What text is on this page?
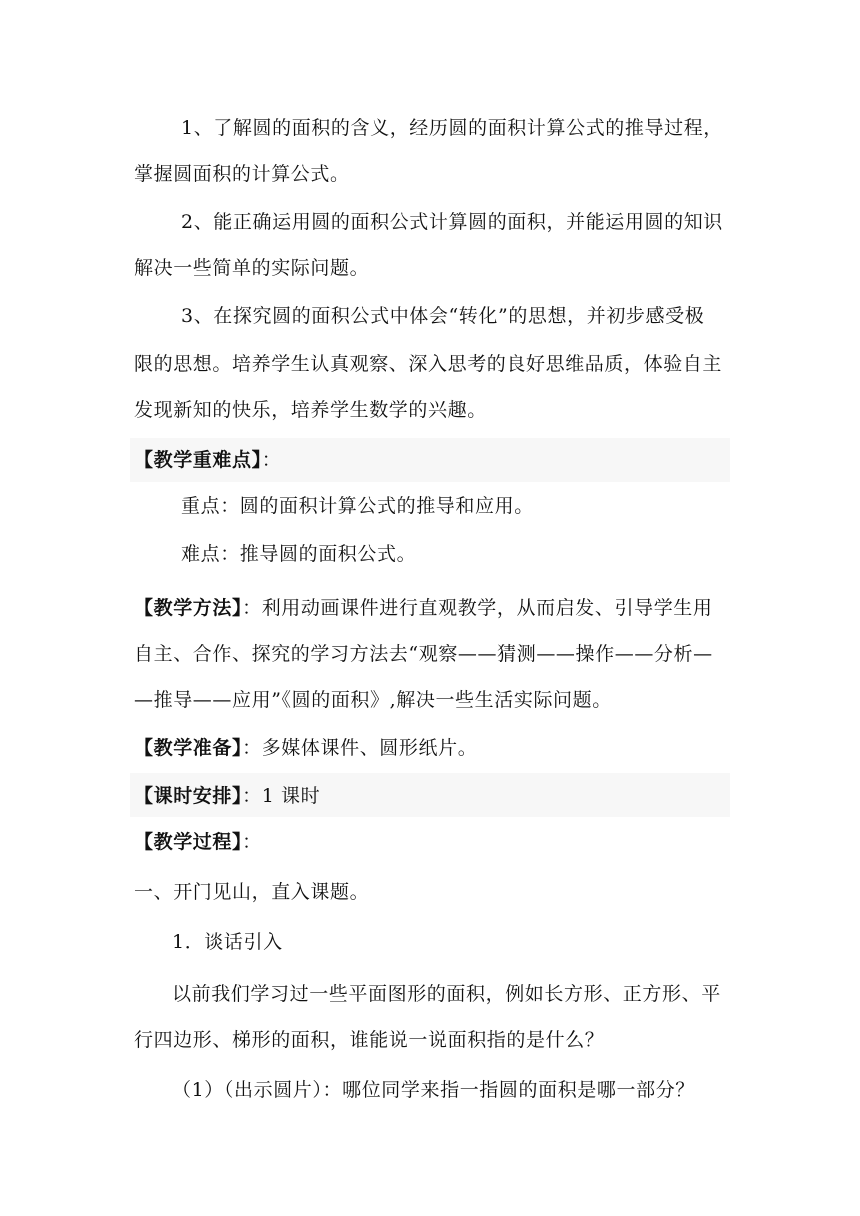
1、了解圆的面积的含义，经历圆的面积计算公式的推导过程，
掌握圆面积的计算公式。
2、能正确运用圆的面积公式计算圆的面积，并能运用圆的知识
解决一些简单的实际问题。
3、在探究圆的面积公式中体会“转化”的思想，并初步感受极
限的思想。培养学生认真观察、深入思考的良好思维品质，体验自主
发现新知的快乐，培养学生数学的兴趣。
【教学重难点】：
重点：圆的面积计算公式的推导和应用。
难点：推导圆的面积公式。
【教学方法】：利用动画课件进行直观教学，从而启发、引导学生用
自主、合作、探究的学习方法去“观察——猜测——操作——分析—
—推导——应用”《圆的面积》,解决一些生活实际问题。
【教学准备】：多媒体课件、圆形纸片。
【课时安排】：1 课时
【教学过程】：
一、开门见山，直入课题。
1．谈话引入
以前我们学习过一些平面图形的面积，例如长方形、正方形、平
行四边形、梯形的面积，谁能说一说面积指的是什么？
（1）（出示圆片）：哪位同学来指一指圆的面积是哪一部分？
